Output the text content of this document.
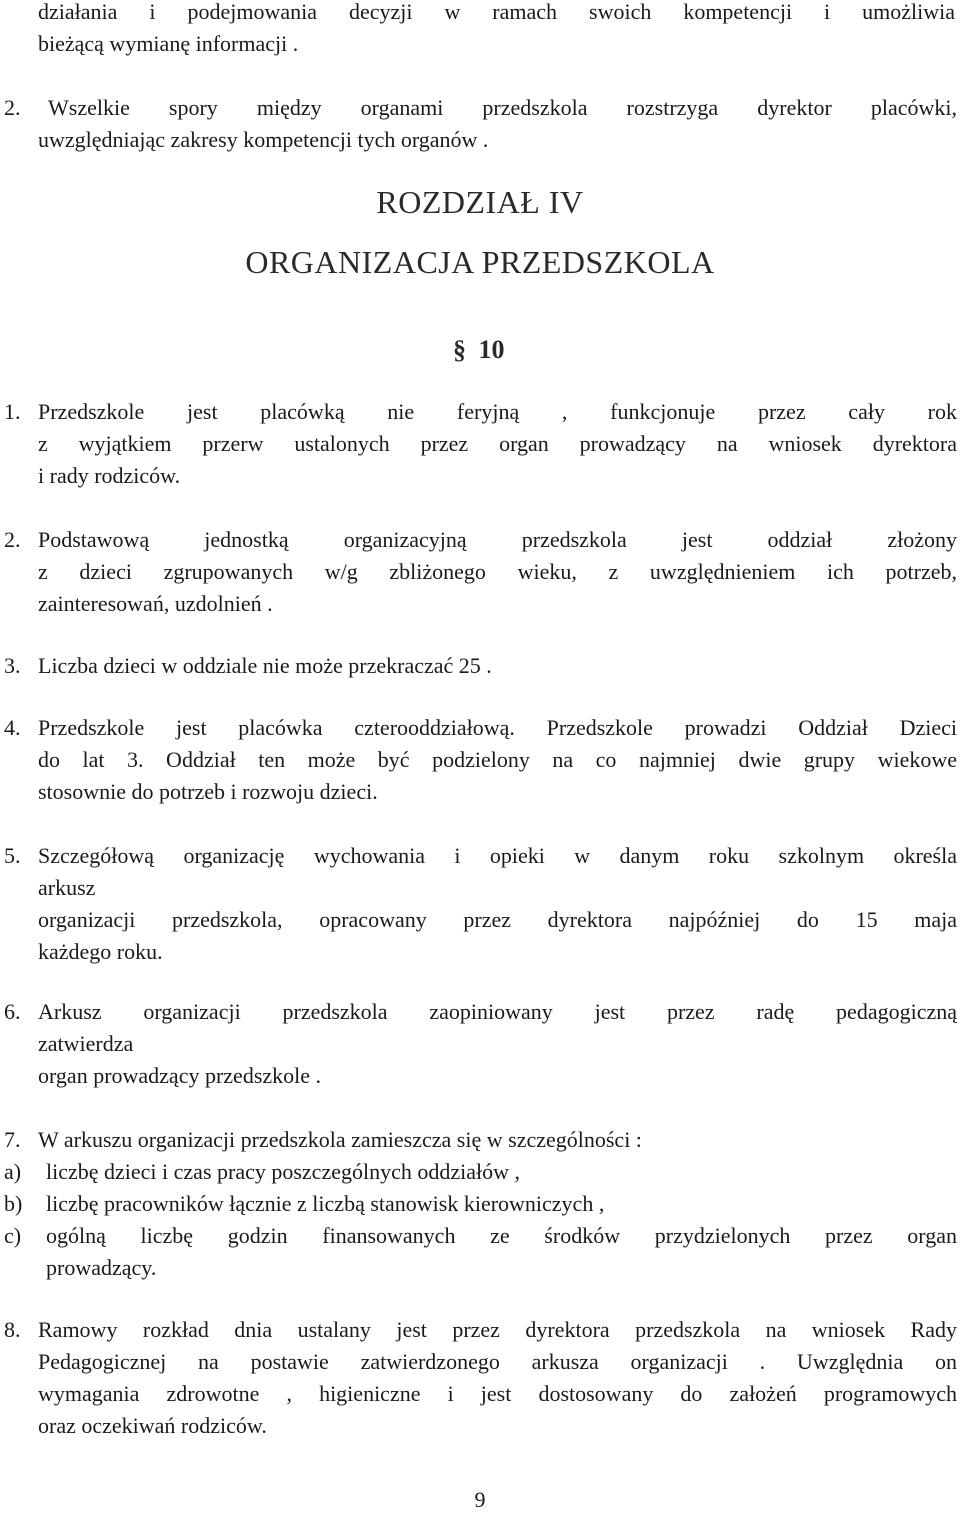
działania i podejmowania decyzji w ramach swoich kompetencji i umożliwia
bieżącą wymianę informacji .
2. Wszelkie spory między organami przedszkola rozstrzyga dyrektor placówki,
uwzględniając zakresy kompetencji tych organów .
ROZDZIAŁ IV
ORGANIZACJA PRZEDSZKOLA
§ 10
1. Przedszkole jest placówką nie feryjną , funkcjonuje przez cały rok
z wyjątkiem przerw ustalonych przez organ prowadzący na wniosek dyrektora
i rady rodziców.
2. Podstawową jednostką organizacyjną przedszkola jest oddział złożony
z dzieci zgrupowanych w/g zbliżonego wieku, z uwzględnieniem ich potrzeb,
zainteresowań, uzdolnień .
3. Liczba dzieci w oddziale nie może przekraczać 25 .
4. Przedszkole jest placówka czterooddziałową. Przedszkole prowadzi Oddział Dzieci
do lat 3. Oddział ten może być podzielony na co najmniej dwie grupy wiekowe
stosownie do potrzeb i rozwoju dzieci.
5. Szczegółową organizację wychowania i opieki w danym roku szkolnym określa
arkusz
organizacji przedszkola, opracowany przez dyrektora najpóźniej do 15 maja
każdego roku.
6. Arkusz organizacji przedszkola zaopiniowany jest przez radę pedagogiczną
zatwierdza
organ prowadzący przedszkole .
7. W arkuszu organizacji przedszkola zamieszcza się w szczególności :
a) liczbę dzieci i czas pracy poszczególnych oddziałów ,
b) liczbę pracowników łącznie z liczbą stanowisk kierowniczych ,
c) ogólną liczbę godzin finansowanych ze środków przydzielonych przez organ
prowadzący.
8. Ramowy rozkład dnia ustalany jest przez dyrektora przedszkola na wniosek Rady
Pedagogicznej na postawie zatwierdzonego arkusza organizacji . Uwzględnia on
wymagania zdrowotne , higieniczne i jest dostosowany do założeń programowych
oraz oczekiwań rodziców.
9
